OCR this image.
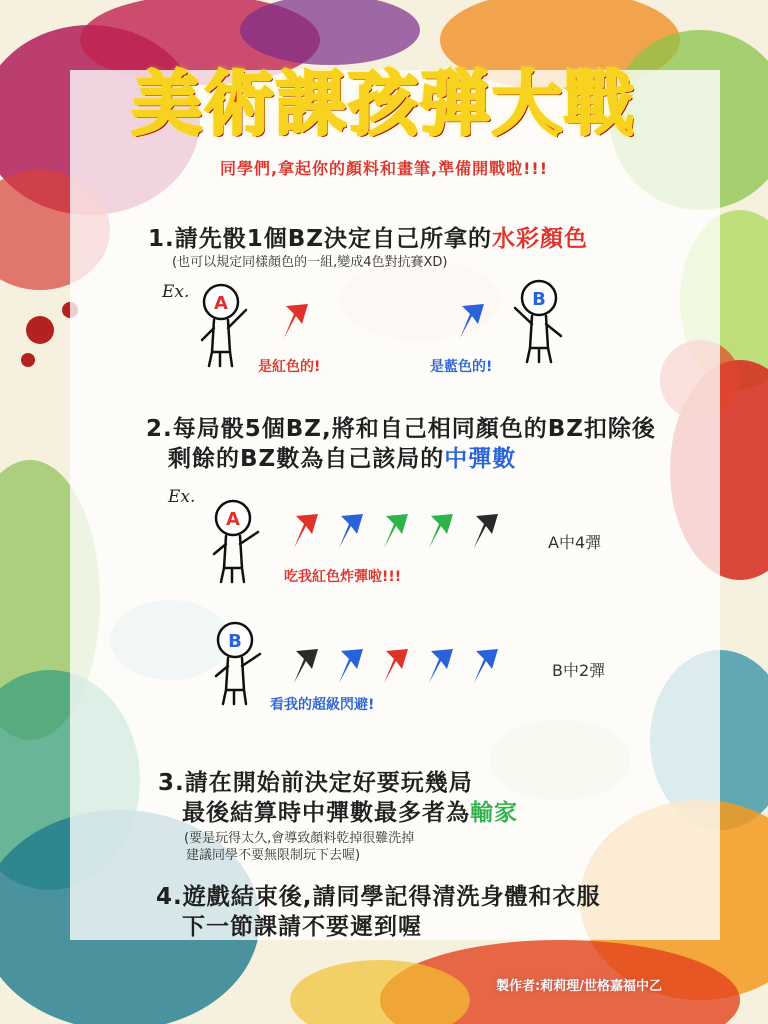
美術課孩弾大戰
同學們,拿起你的顏料和畫筆,準備開戰啦!!!
1.請先骰1個BZ決定自己所拿的水彩顏色
(也可以規定同樣顏色的一組,變成4色對抗賽XD)
Ex.
A	B
是紅色的!	是藍色的!
2.每局骰5個BZ,將和自己相同顏色的BZ扣除後
剩餘的BZ數為自己該局的中彈數
Ex.
A
A中4彈
吃我紅色炸彈啦!!!
B
B中2彈
看我的超級閃避!
3.請在開始前決定好要玩幾局
最後結算時中彈數最多者為輸家
(要是玩得太久,會導致顏料乾掉很難洗掉
建議同學不要無限制玩下去喔)
4.遊戲結束後,請同學記得清洗身體和衣服
下一節課請不要遲到喔
製作者:莉莉理/世格嘉福中乙
